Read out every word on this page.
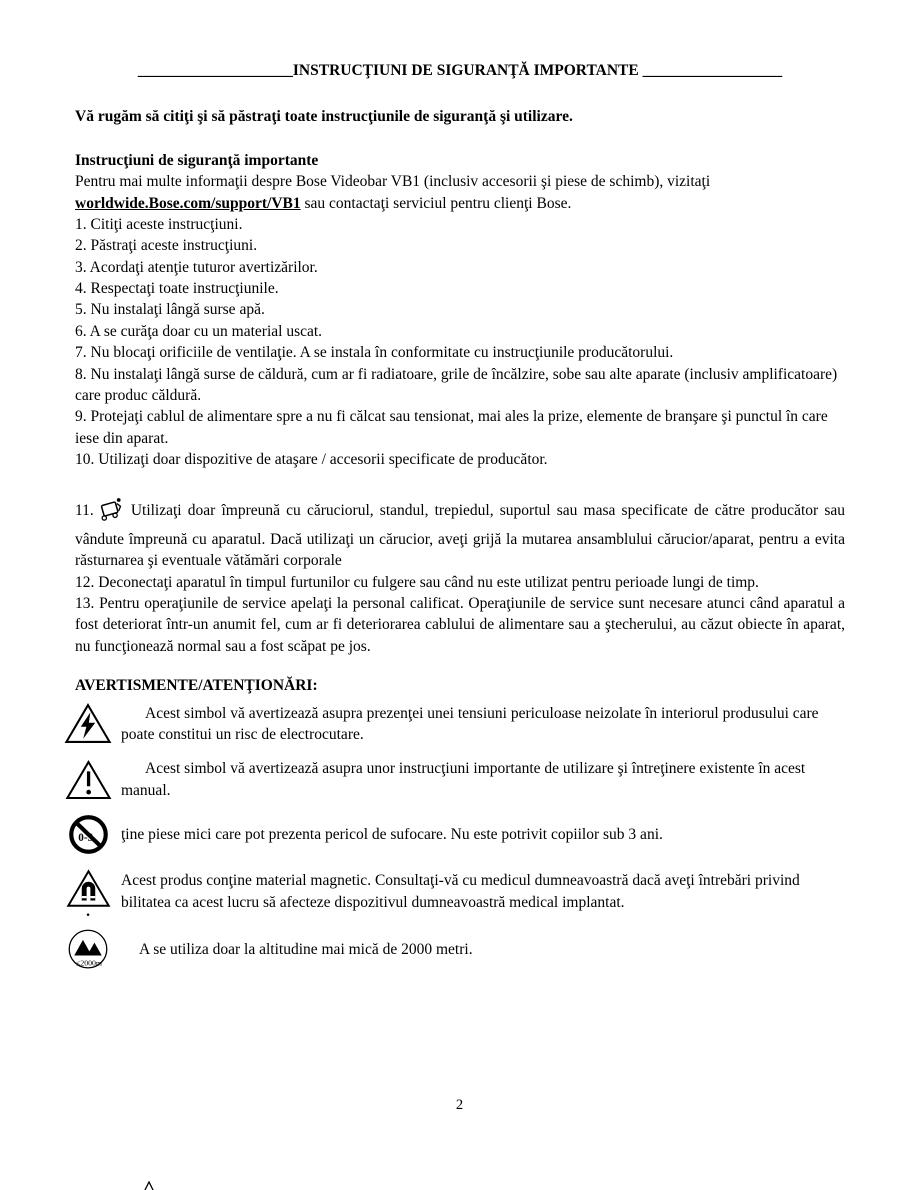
____________________INSTRUCŢIUNI DE SIGURANŢĂ IMPORTANTE __________________

Vă rugăm să citiţi şi să păstraţi toate instrucţiunile de siguranţă şi utilizare.

Instrucţiuni de siguranţă importante

Pentru mai multe informaţii despre Bose Videobar VB1 (inclusiv accesorii şi piese de schimb), vizitaţi worldwide.Bose.com/support/VB1 sau contactaţi serviciul pentru clienţi Bose.

1. Citiţi aceste instrucţiuni.

2. Păstraţi aceste instrucţiuni.

3. Acordaţi atenţie tuturor avertizărilor.

4. Respectaţi toate instrucţiunile.

5. Nu instalaţi lângă surse apă.

6. A se curăţa doar cu un material uscat.

7. Nu blocaţi orificiile de ventilaţie. A se instala în conformitate cu instrucţiunile producătorului.

8. Nu instalaţi lângă surse de căldură, cum ar fi radiatoare, grile de încălzire, sobe sau alte aparate (inclusiv amplificatoare) care produc căldură.

9. Protejaţi cablul de alimentare spre a nu fi călcat sau tensionat, mai ales la prize, elemente de branşare şi punctul în care iese din aparat.

10. Utilizaţi doar dispozitive de ataşare / accesorii specificate de producător.

11. Utilizaţi doar împreună cu căruciorul, standul, trepiedul, suportul sau masa specificate de către producător sau vândute împreună cu aparatul. Dacă utilizaţi un cărucior, aveţi grijă la mutarea ansamblului cărucior/aparat, pentru a evita răsturnarea şi eventuale vătămări corporale

12. Deconectaţi aparatul în timpul furtunilor cu fulgere sau când nu este utilizat pentru perioade lungi de timp.

13. Pentru operaţiunile de service apelaţi la personal calificat. Operaţiunile de service sunt necesare atunci când aparatul a fost deteriorat într-un anumit fel, cum ar fi deteriorarea cablului de alimentare sau a ştecherului, au căzut obiecte în aparat, nu funcţionează normal sau a fost scăpat pe jos.

AVERTISMENTE/ATENŢIONĂRI:

Acest simbol vă avertizează asupra prezenţei unei tensiuni periculoase neizolate în interiorul produsului care poate constitui un risc de electrocutare.

Acest simbol vă avertizează asupra unor instrucţiuni importante de utilizare şi întreţinere existente în acest manual.

0-3 ţine piese mici care pot prezenta pericol de sufocare. Nu este potrivit copiilor sub 3 ani.

.

Acest produs conţine material magnetic. Consultaţi-vă cu medicul dumneavoastră dacă aveţi întrebări privind bilitatea ca acest lucru să afecteze dispozitivul dumneavoastră medical implantat.

≤2000m

A se utiliza doar la altitudine mai mică de 2000 metri.

2
